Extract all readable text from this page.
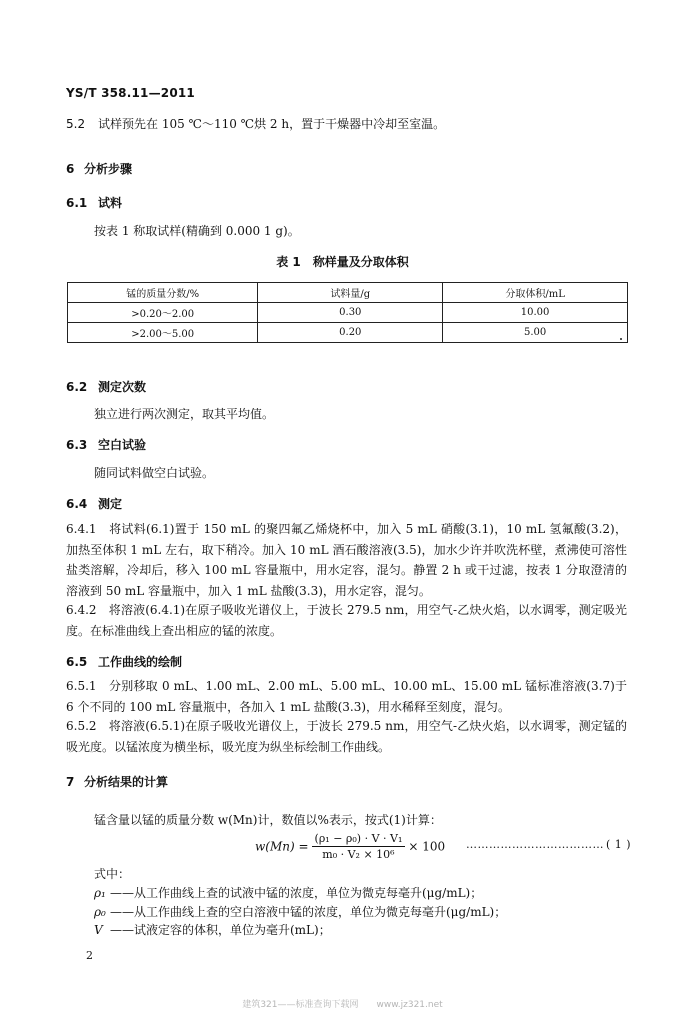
YS/T 358.11—2011
5.2 试样预先在 105 ℃～110 ℃烘 2 h，置于干燥器中冷却至室温。
6 分析步骤
6.1 试料
按表 1 称取试样(精确到 0.000 1 g)。
表 1　称样量及分取体积
锰的质量分数/%	试料量/g	分取体积/mL
>0.20～2.00	0.30	10.00
>2.00～5.00	0.20	5.00
6.2 测定次数
独立进行两次测定，取其平均值。
6.3 空白试验
随同试料做空白试验。
6.4 测定
6.4.1　将试料(6.1)置于 150 mL 的聚四氟乙烯烧杯中，加入 5 mL 硝酸(3.1)，10 mL 氢氟酸(3.2)，加热至体积 1 mL 左右，取下稍冷。加入 10 mL 酒石酸溶液(3.5)，加水少许并吹洗杯壁，煮沸使可溶性盐类溶解，冷却后，移入 100 mL 容量瓶中，用水定容，混匀。静置 2 h 或干过滤，按表 1 分取澄清的溶液到 50 mL 容量瓶中，加入 1 mL 盐酸(3.3)，用水定容，混匀。
6.4.2　将溶液(6.4.1)在原子吸收光谱仪上，于波长 279.5 nm，用空气-乙炔火焰，以水调零，测定吸光度。在标准曲线上查出相应的锰的浓度。
6.5 工作曲线的绘制
6.5.1　分别移取 0 mL、1.00 mL、2.00 mL、5.00 mL、10.00 mL、15.00 mL 锰标准溶液(3.7)于 6 个不同的 100 mL 容量瓶中，各加入 1 mL 盐酸(3.3)，用水稀释至刻度，混匀。
6.5.2　将溶液(6.5.1)在原子吸收光谱仪上，于波长 279.5 nm，用空气-乙炔火焰，以水调零，测定锰的吸光度。以锰浓度为横坐标，吸光度为纵坐标绘制工作曲线。
7 分析结果的计算
锰含量以锰的质量分数 w(Mn)计，数值以%表示，按式(1)计算：
$w(Mn) = \frac{\text{(ρ₁ − ρ₀) · V · V₁}}{\text{m₀ · V₂ × 10⁶}} \times 100$ ……………………………… ( 1 )
式中：
ρ₁ ——从工作曲线上查的试液中锰的浓度，单位为微克每毫升(μg/mL)；
ρ₀ ——从工作曲线上查的空白溶液中锰的浓度，单位为微克每毫升(μg/mL)；
V ——试液定容的体积，单位为毫升(mL)；
2
建筑321——标准查询下载网　　www.jz321.net
